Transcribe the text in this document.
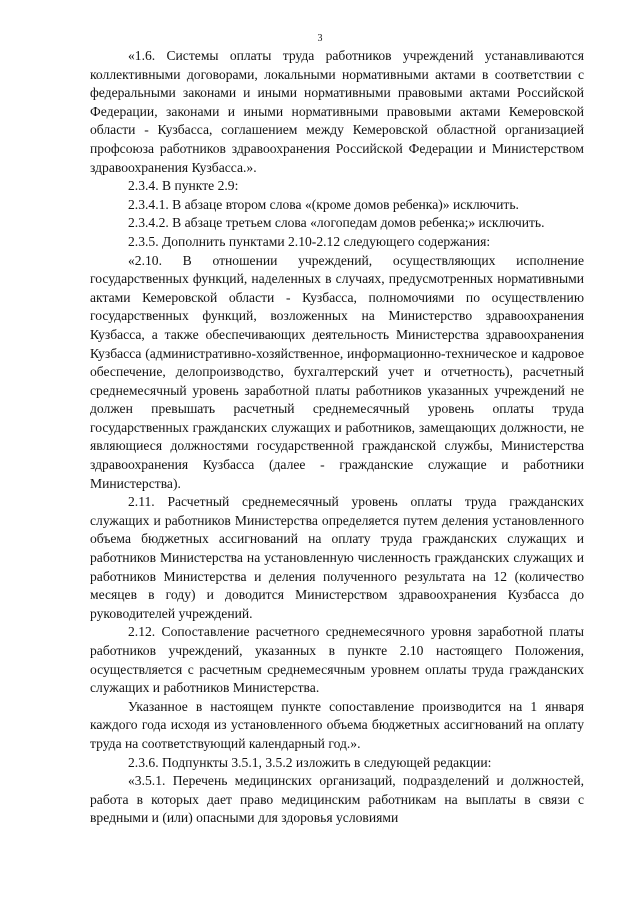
3

«1.6. Системы оплаты труда работников учреждений устанавливаются коллективными договорами, локальными нормативными актами в соответствии с федеральными законами и иными нормативными правовыми актами Российской Федерации, законами и иными нормативными правовыми актами Кемеровской области - Кузбасса, соглашением между Кемеровской областной организацией профсоюза работников здравоохранения Российской Федерации и Министерством здравоохранения Кузбасса.».

2.3.4. В пункте 2.9:

2.3.4.1. В абзаце втором слова «(кроме домов ребенка)» исключить.

2.3.4.2. В абзаце третьем слова «логопедам домов ребенка;» исключить.

2.3.5. Дополнить пунктами 2.10-2.12 следующего содержания:

«2.10. В отношении учреждений, осуществляющих исполнение государственных функций, наделенных в случаях, предусмотренных нормативными актами Кемеровской области - Кузбасса, полномочиями по осуществлению государственных функций, возложенных на Министерство здравоохранения Кузбасса, а также обеспечивающих деятельность Министерства здравоохранения Кузбасса (административно-хозяйственное, информационно-техническое и кадровое обеспечение, делопроизводство, бухгалтерский учет и отчетность), расчетный среднемесячный уровень заработной платы работников указанных учреждений не должен превышать расчетный среднемесячный уровень оплаты труда государственных гражданских служащих и работников, замещающих должности, не являющиеся должностями государственной гражданской службы, Министерства здравоохранения Кузбасса (далее - гражданские служащие и работники Министерства).

2.11. Расчетный среднемесячный уровень оплаты труда гражданских служащих и работников Министерства определяется путем деления установленного объема бюджетных ассигнований на оплату труда гражданских служащих и работников Министерства на установленную численность гражданских служащих и работников Министерства и деления полученного результата на 12 (количество месяцев в году) и доводится Министерством здравоохранения Кузбасса до руководителей учреждений.

2.12. Сопоставление расчетного среднемесячного уровня заработной платы работников учреждений, указанных в пункте 2.10 настоящего Положения, осуществляется с расчетным среднемесячным уровнем оплаты труда гражданских служащих и работников Министерства.

Указанное в настоящем пункте сопоставление производится на 1 января каждого года исходя из установленного объема бюджетных ассигнований на оплату труда на соответствующий календарный год.».

2.3.6. Подпункты 3.5.1, 3.5.2 изложить в следующей редакции:

«3.5.1. Перечень медицинских организаций, подразделений и должностей, работа в которых дает право медицинским работникам на выплаты в связи с вредными и (или) опасными для здоровья условиями
